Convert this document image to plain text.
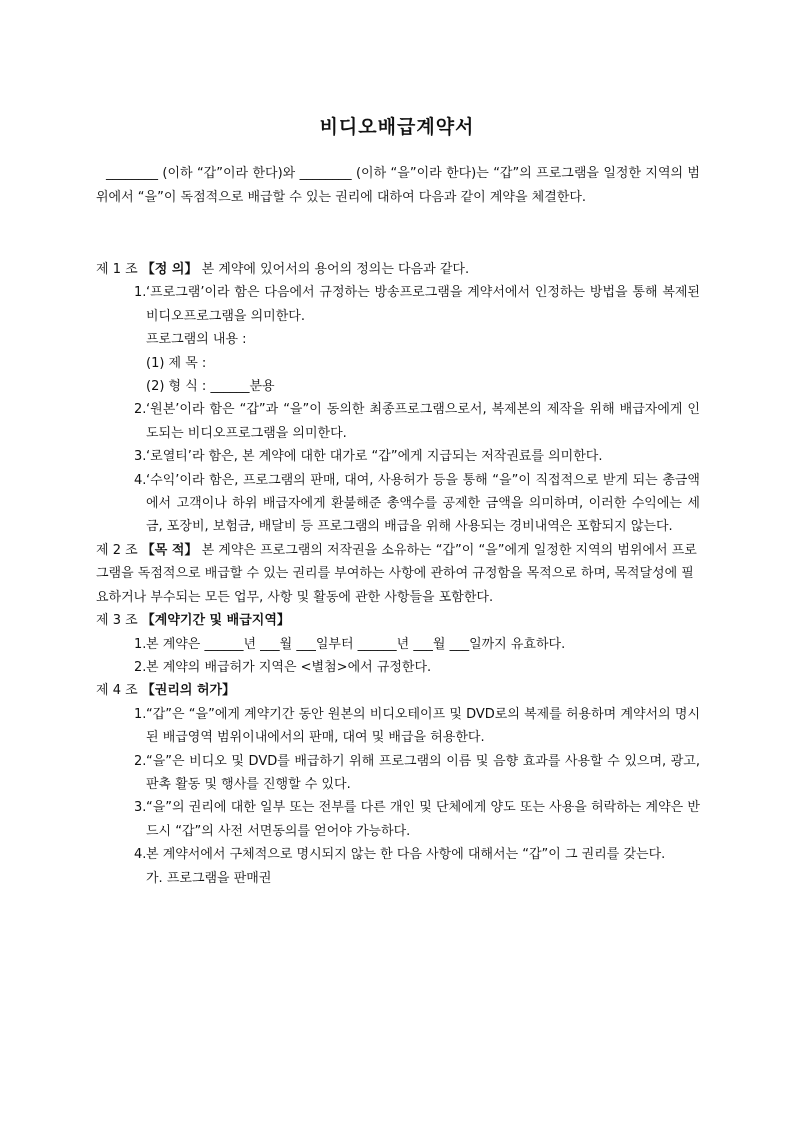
비디오배급계약서
________ (이하 “갑”이라 한다)와 ________ (이하 “을”이라 한다)는 “갑”의 프로그램을 일정한 지역의 범위에서 “을”이 독점적으로 배급할 수 있는 권리에 대하여 다음과 같이 계약을 체결한다.
제 1 조 【정 의】 본 계약에 있어서의 용어의 정의는 다음과 같다.
1. ‘프로그램’이라 함은 다음에서 규정하는 방송프로그램을 계약서에서 인정하는 방법을 통해 복제된 비디오프로그램을 의미한다.
프로그램의 내용 :
(1) 제 목 :
(2) 형 식 : ______분용
2. ‘원본’이라 함은 “갑”과 “을”이 동의한 최종프로그램으로서, 복제본의 제작을 위해 배급자에게 인도되는 비디오프로그램을 의미한다.
3. ‘로열티’라 함은, 본 계약에 대한 대가로 “갑”에게 지급되는 저작권료를 의미한다.
4. ‘수익’이라 함은, 프로그램의 판매, 대여, 사용허가 등을 통해 “을”이 직접적으로 받게 되는 총금액에서 고객이나 하위 배급자에게 환불해준 총액수를 공제한 금액을 의미하며, 이러한 수익에는 세금, 포장비, 보험금, 배달비 등 프로그램의 배급을 위해 사용되는 경비내역은 포함되지 않는다.
제 2 조 【목 적】 본 계약은 프로그램의 저작권을 소유하는 “갑”이 “을”에게 일정한 지역의 범위에서 프로그램을 독점적으로 배급할 수 있는 권리를 부여하는 사항에 관하여 규정함을 목적으로 하며, 목적달성에 필요하거나 부수되는 모든 업무, 사항 및 활동에 관한 사항들을 포함한다.
제 3 조 【계약기간 및 배급지역】
1. 본 계약은 ______년 ___월 ___일부터 ______년 ___월 ___일까지 유효하다.
2. 본 계약의 배급허가 지역은 <별첨>에서 규정한다.
제 4 조 【권리의 허가】
1. “갑”은 “을”에게 계약기간 동안 원본의 비디오테이프 및 DVD로의 복제를 허용하며 계약서의 명시된 배급영역 범위이내에서의 판매, 대여 및 배급을 허용한다.
2. “을”은 비디오 및 DVD를 배급하기 위해 프로그램의 이름 및 음향 효과를 사용할 수 있으며, 광고, 판촉 활동 및 행사를 진행할 수 있다.
3. “을”의 권리에 대한 일부 또는 전부를 다른 개인 및 단체에게 양도 또는 사용을 허락하는 계약은 반드시 “갑”의 사전 서면동의를 얻어야 가능하다.
4. 본 계약서에서 구체적으로 명시되지 않는 한 다음 사항에 대해서는 “갑”이 그 권리를 갖는다.
가. 프로그램을 판매권
